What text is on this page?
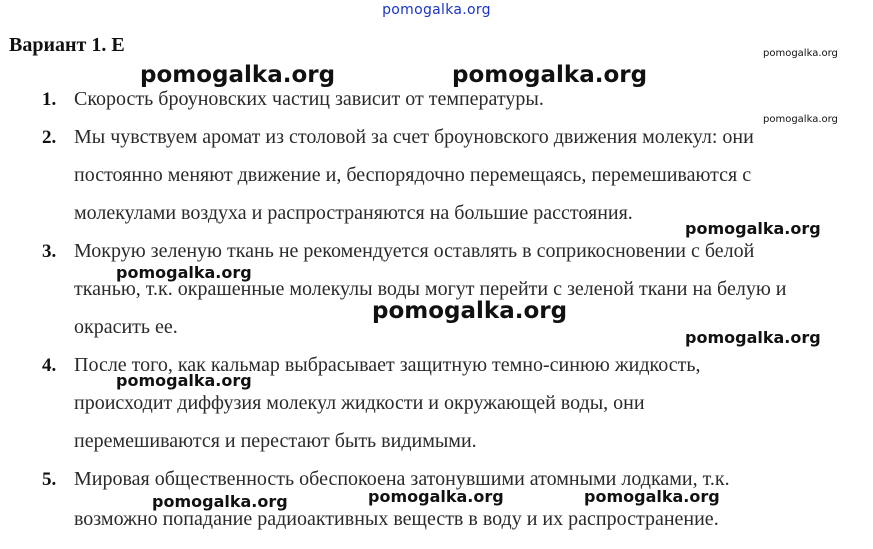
pomogalka.org
Вариант 1. Е
1. Скорость броуновских частиц зависит от температуры.
2. Мы чувствуем аромат из столовой за счет броуновского движения молекул: они
постоянно меняют движение и, беспорядочно перемещаясь, перемешиваются с
молекулами воздуха и распространяются на большие расстояния.
3. Мокрую зеленую ткань не рекомендуется оставлять в соприкосновении с белой
тканью, т.к. окрашенные молекулы воды могут перейти с зеленой ткани на белую и
окрасить ее.
4. После того, как кальмар выбрасывает защитную темно-синюю жидкость,
происходит диффузия молекул жидкости и окружающей воды, они
перемешиваются и перестают быть видимыми.
5. Мировая общественность обеспокоена затонувшими атомными лодками, т.к.
возможно попадание радиоактивных веществ в воду и их распространение.
pomogalka.org
pomogalka.org	pomogalka.org
pomogalka.org
pomogalka.org
pomogalka.org
pomogalka.org
pomogalka.org
pomogalka.org
pomogalka.org	pomogalka.org	pomogalka.org
